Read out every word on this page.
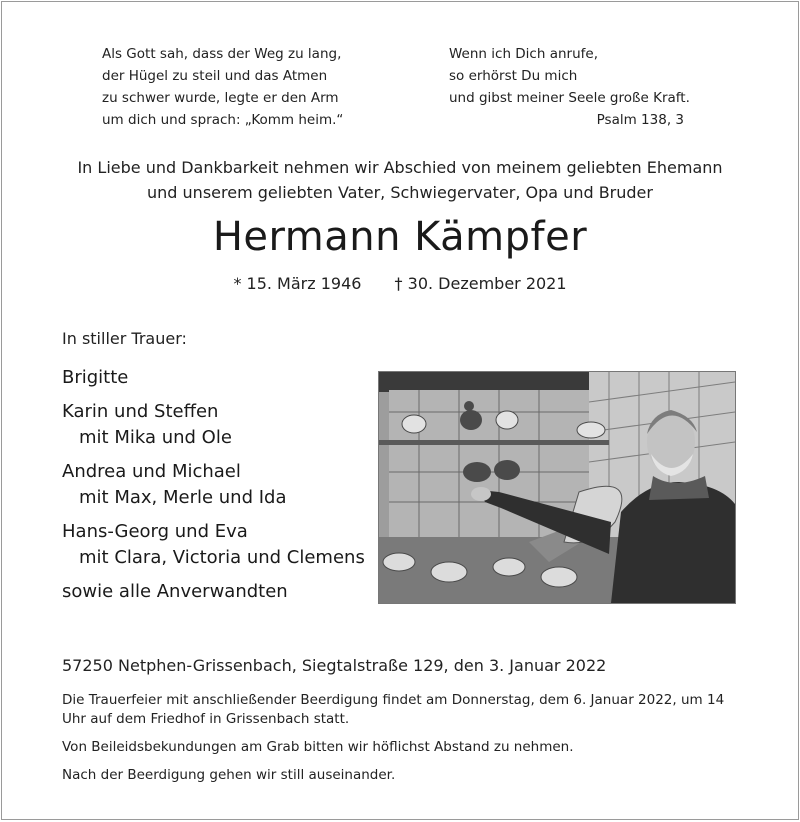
Als Gott sah, dass der Weg zu lang,
der Hügel zu steil und das Atmen
zu schwer wurde, legte er den Arm
um dich und sprach: „Komm heim.“
Wenn ich Dich anrufe,
so erhörst Du mich
und gibst meiner Seele große Kraft.
Psalm 138, 3
In Liebe und Dankbarkeit nehmen wir Abschied von meinem geliebten Ehemann
und unserem geliebten Vater, Schwiegervater, Opa und Bruder
Hermann Kämpfer
* 15. März 1946 † 30. Dezember 2021
In stiller Trauer:
Brigitte
Karin und Steffen
mit Mika und Ole
Andrea und Michael
mit Max, Merle und Ida
Hans-Georg und Eva
mit Clara, Victoria und Clemens
sowie alle Anverwandten
57250 Netphen-Grissenbach, Siegtalstraße 129, den 3. Januar 2022

Die Trauerfeier mit anschließender Beerdigung findet am Donnerstag, dem 6. Januar 2022, um 14 Uhr auf dem Friedhof in Grissenbach statt.

Von Beileidsbekundungen am Grab bitten wir höflichst Abstand zu nehmen.

Nach der Beerdigung gehen wir still auseinander.
